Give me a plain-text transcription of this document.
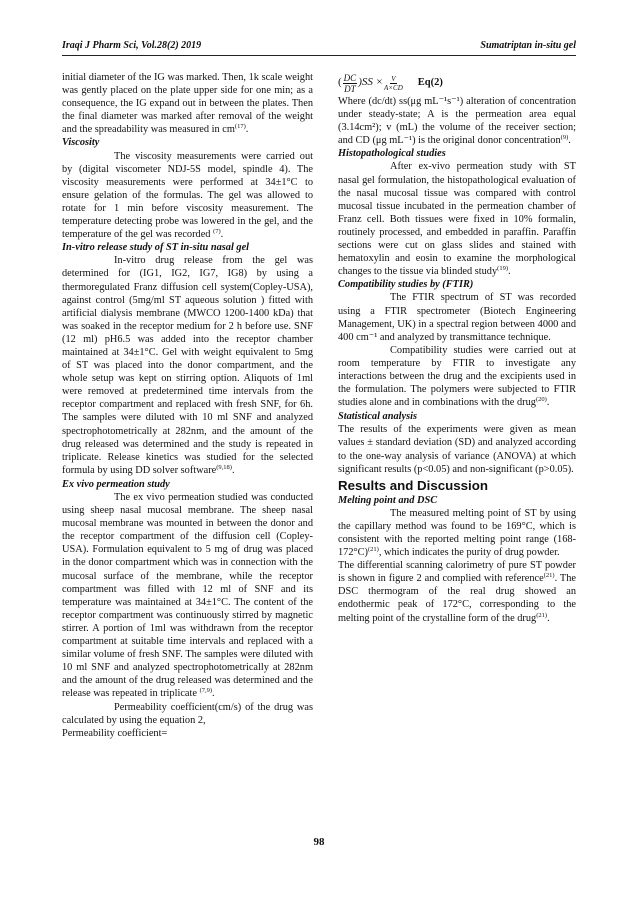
Iraqi J Pharm Sci, Vol.28(2) 2019	Sumatriptan in-situ gel

initial diameter of the IG was marked. Then, 1k scale weight was gently placed on the plate upper side for one min; as a consequence, the IG expand out in between the plates. Then the final diameter was marked after removal of the weight and the spreadability was measured in $cm^{(17)}$.

Viscosity

The viscosity measurements were carried out by (digital viscometer NDJ-5S model, spindle 4). The viscosity measurements were performed at 34±1°C to ensure gelation of the formulas. The gel was allowed to rotate for 1 min before viscosity measurement. The temperature detecting probe was lowered in the gel, and the temperature of the gel was recorded $^{(7)}$.

In-vitro release study of ST in-situ nasal gel

In-vitro drug release from the gel was determined for (IG1, IG2, IG7, IG8) by using a thermoregulated Franz diffusion cell system(Copley-USA), against control (5mg/ml ST aqueous solution ) fitted with artificial dialysis membrane (MWCO 1200-1400 kDa) that was soaked in the receptor medium for 2 h before use. SNF (12 ml) pH6.5 was added into the receptor chamber maintained at 34±1°C. Gel with weight equivalent to 5mg of ST was placed into the donor compartment, and the whole setup was kept on stirring option. Aliquots of 1ml were removed at predetermined time intervals from the receptor compartment and replaced with fresh SNF, for 6h. The samples were diluted with 10 ml SNF and analyzed spectrophotometrically at 282nm, and the amount of the drug released was determined and the study is repeated in triplicate. Release kinetics was studied for the selected formula by using DD solver software$^{(9,18)}$.

Ex vivo permeation study

The ex vivo permeation studied was conducted using sheep nasal mucosal membrane. The sheep nasal mucosal membrane was mounted in between the donor and the receptor compartment of the diffusion cell (Copley-USA). Formulation equivalent to 5 mg of drug was placed in the donor compartment which was in connection with the mucosal surface of the membrane, while the receptor compartment was filled with 12 ml of SNF and its temperature was maintained at 34±1°C. The content of the receptor compartment was continuously stirred by magnetic stirrer. A portion of 1ml was withdrawn from the receptor compartment at suitable time intervals and replaced with a similar volume of fresh SNF. The samples were diluted with 10 ml SNF and analyzed spectrophotometrically at 282nm and the amount of the drug released was determined and the release was repeated in triplicate $^{(7,9)}$.

Permeability coefficient(cm/s) of the drug was calculated by using the equation 2,

Permeability coefficient=

( $\frac{DC}{DT} )SS \times \frac{V}{A\times CD} Eq(2)$

Where (dc/dt) ss(μg mL⁻¹s⁻¹) alteration of concentration under steady-state; A is the permeation area equal (3.14cm²); v (mL) the volume of the receiver section; and CD (μg mL⁻¹) is the original donor concentration$^{(9)}$.

Histopathological studies

After ex-vivo permeation study with ST nasal gel formulation, the histopathological evaluation of the nasal mucosal tissue was compared with control mucosal tissue incubated in the permeation chamber of Franz cell. Both tissues were fixed in 10% formalin, routinely processed, and embedded in paraffin. Paraffin sections were cut on glass slides and stained with hematoxylin and eosin to examine the morphological changes to the tissue via blinded study$^{(19)}$.

Compatibility studies by (FTIR)

The FTIR spectrum of ST was recorded using a FTIR spectrometer (Biotech Engineering Management, UK) in a spectral region between 4000 and 400 cm⁻¹ and analyzed by transmittance technique.

Compatibility studies were carried out at room temperature by FTIR to investigate any interactions between the drug and the excipients used in the formulation. The polymers were subjected to FTIR studies alone and in combinations with the drug$^{(20)}$.

Statistical analysis

The results of the experiments were given as mean values ± standard deviation (SD) and analyzed according to the one-way analysis of variance (ANOVA) at which significant results (p<0.05) and non-significant (p>0.05).

Results and Discussion

Melting point and DSC

The measured melting point of ST by using the capillary method was found to be 169°C, which is consistent with the reported melting point range $(168-172^\circ C)^{(21)}$, which indicates the purity of drug powder.

The differential scanning calorimetry of pure ST powder is shown in figure 2 and complied with reference$^{(21)}$. The DSC thermogram of the real drug showed an endothermic peak of 172°C, corresponding to the melting point of the crystalline form of the drug$^{(21)}$.

98
